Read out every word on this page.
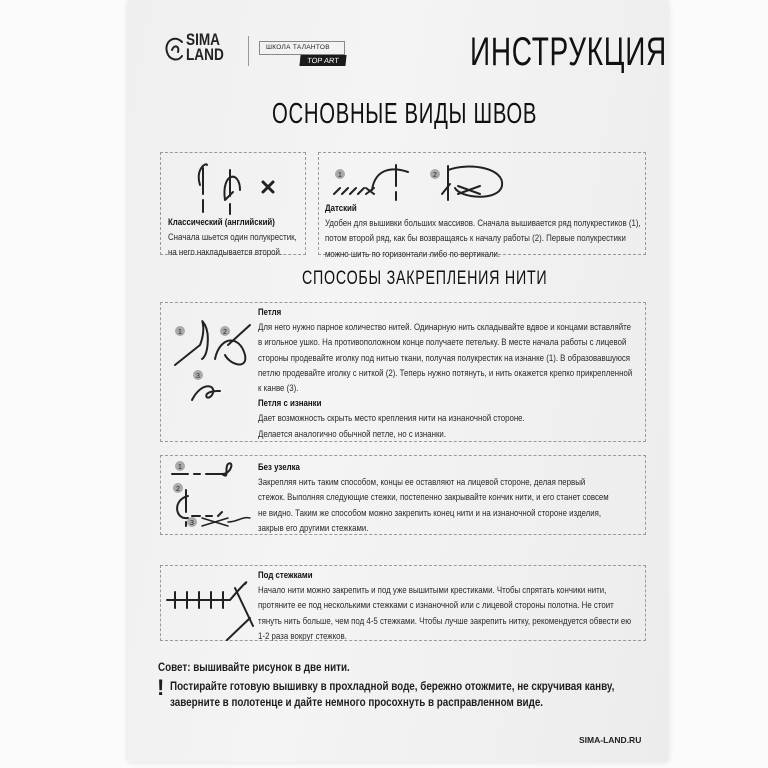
SIMA
LAND	ШКОЛА ТАЛАНТОВ
TOP ART	ИНСТРУКЦИЯ
ОСНОВНЫЕ ВИДЫ ШВОВ
Классический (английский)
Сначала шьется один полукрестик,
на него накладывается второй.
1	2
Датский
Удобен для вышивки больших массивов. Сначала вышивается ряд полукрестиков (1),
потом второй ряд, как бы возвращаясь к началу работы (2). Первые полукрестики
можно шить по горизонтали либо по вертикали.
СПОСОБЫ ЗАКРЕПЛЕНИЯ НИТИ
1	2
3
Петля
Для него нужно парное количество нитей. Одинарную нить складывайте вдвое и концами вставляйте
в игольное ушко. На противоположном конце получаете петельку. В месте начала работы с лицевой
стороны продевайте иголку под нитью ткани, получая полукрестик на изнанке (1). В образовавшуюся
петлю продевайте иголку с ниткой (2). Теперь нужно потянуть, и нить окажется крепко прикрепленной
к канве (3).
Петля с изнанки
Дает возможность скрыть место крепления нити на изнаночной стороне.
Делается аналогично обычной петле, но с изнанки.
1
2
3
Без узелка
Закрепляя нить таким способом, концы ее оставляют на лицевой стороне, делая первый
стежок. Выполняя следующие стежки, постепенно закрывайте кончик нити, и его станет совсем
не видно. Таким же способом можно закрепить конец нити и на изнаночной стороне изделия,
закрыв его другими стежками.
Под стежками
Начало нити можно закрепить и под уже вышитыми крестиками. Чтобы спрятать кончики нити,
протяните ее под несколькими стежками с изнаночной или с лицевой стороны полотна. Не стоит
тянуть нить больше, чем под 4-5 стежками. Чтобы лучше закрепить нитку, рекомендуется обвести ею
1-2 раза вокруг стежков.
Совет: вышивайте рисунок в две нити.
! Постирайте готовую вышивку в прохладной воде, бережно отожмите, не скручивая канву,
заверните в полотенце и дайте немного просохнуть в расправленном виде.
SIMA-LAND.RU
